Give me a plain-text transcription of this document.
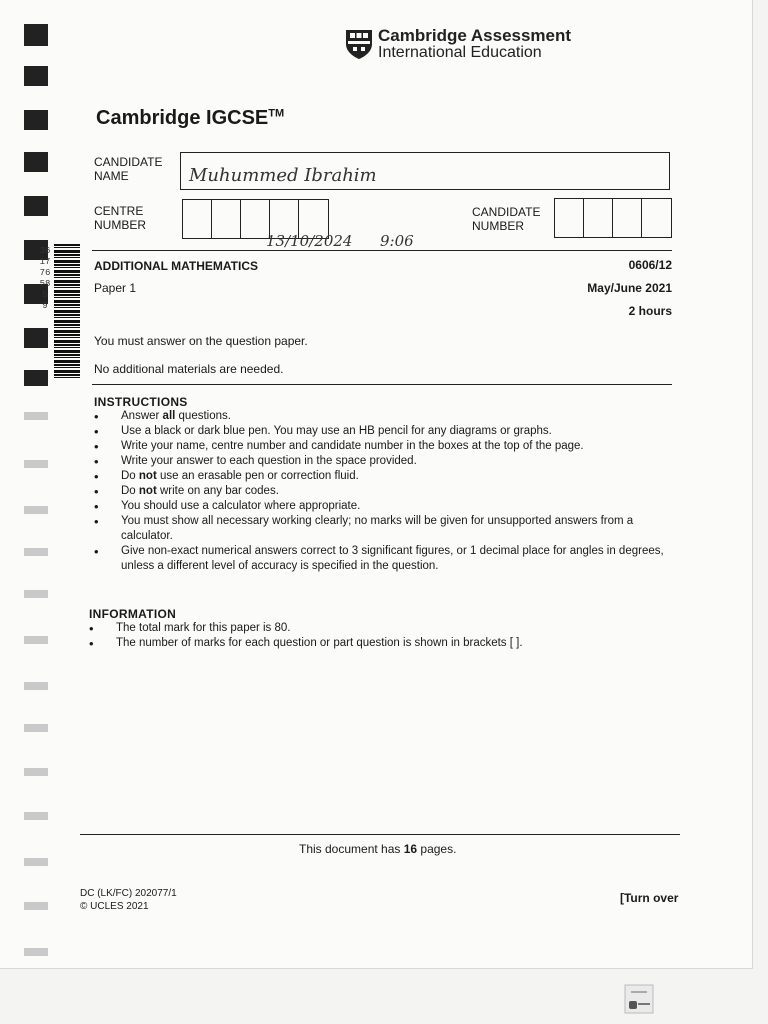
361776585 9
Cambridge Assessment
International Education
Cambridge IGCSE™
CANDIDATE NAME	Muhummed Ibrahim
CENTRE NUMBER
CANDIDATE NUMBER
13/10/2024 9:06
ADDITIONAL MATHEMATICS	0606/12
Paper 1	May/June 2021
2 hours
You must answer on the question paper.
No additional materials are needed.
INSTRUCTIONS
• Answer all questions.
• Use a black or dark blue pen. You may use an HB pencil for any diagrams or graphs.
• Write your name, centre number and candidate number in the boxes at the top of the page.
• Write your answer to each question in the space provided.
• Do not use an erasable pen or correction fluid.
• Do not write on any bar codes.
• You should use a calculator where appropriate.
• You must show all necessary working clearly; no marks will be given for unsupported answers from a calculator.
• Give non-exact numerical answers correct to 3 significant figures, or 1 decimal place for angles in degrees, unless a different level of accuracy is specified in the question.
INFORMATION
• The total mark for this paper is 80.
• The number of marks for each question or part question is shown in brackets [ ].
This document has 16 pages.
DC (LK/FC) 202077/1
© UCLES 2021
[Turn over
